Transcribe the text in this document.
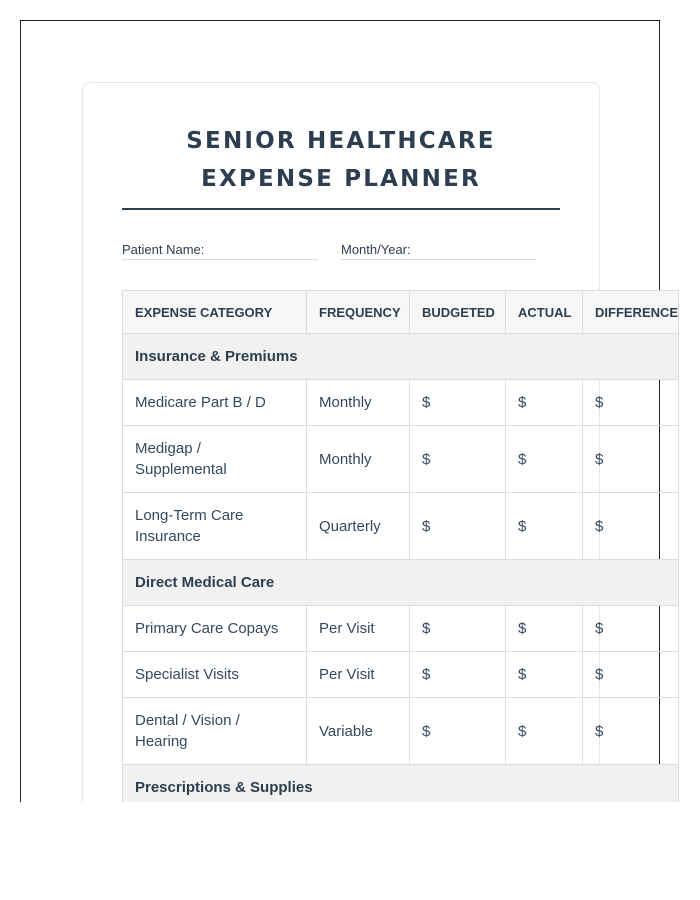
SENIOR HEALTHCARE EXPENSE PLANNER
Patient Name:	Month/Year:
EXPENSE CATEGORY	FREQUENCY	BUDGETED	ACTUAL	DIFFERENCE
Insurance & Premiums				
Medicare Part B / D	Monthly	$	$	$
Medigap / Supplemental	Monthly	$	$	$
Long-Term Care Insurance	Quarterly	$	$	$
Direct Medical Care				
Primary Care Copays	Per Visit	$	$	$
Specialist Visits	Per Visit	$	$	$
Dental / Vision / Hearing	Variable	$	$	$
Prescriptions & Supplies				
